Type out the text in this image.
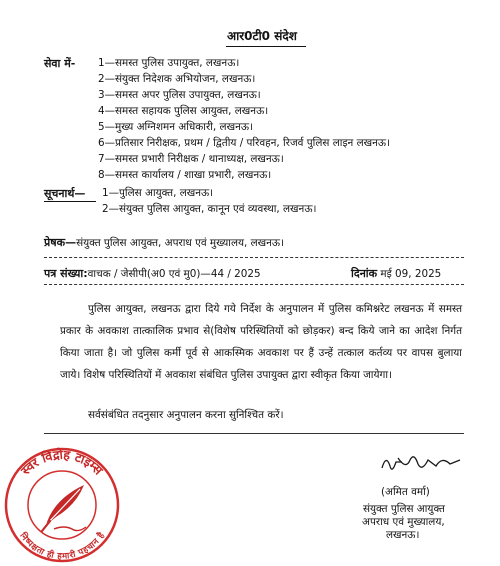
आर0टी0 संदेश
सेवा में- 1—समस्त पुलिस उपायुक्त, लखनऊ।
2—संयुक्त निदेशक अभियोजन, लखनऊ।
3—समस्त अपर पुलिस उपायुक्त, लखनऊ।
4—समस्त सहायक पुलिस आयुक्त, लखनऊ।
5—मुख्य अग्निशमन अधिकारी, लखनऊ।
6—प्रतिसार निरीक्षक, प्रथम / द्वितीय / परिवहन, रिजर्व पुलिस लाइन लखनऊ।
7—समस्त प्रभारी निरीक्षक / थानाध्यक्ष, लखनऊ।
8—समस्त कार्यालय / शाखा प्रभारी, लखनऊ।
सूचनार्थ— 1—पुलिस आयुक्त, लखनऊ।
2—संयुक्त पुलिस आयुक्त, कानून एवं व्यवस्था, लखनऊ।
प्रेषक—संयुक्त पुलिस आयुक्त, अपराध एवं मुख्यालय, लखनऊ।
पत्र संख्या:वाचक / जेसीपी(अ0 एवं मु0)—44 / 2025	दिनांक मई 09, 2025

पुलिस आयुक्त, लखनऊ द्वारा दिये गये निर्देश के अनुपालन में पुलिस कमिश्नरेट लखनऊ में समस्त प्रकार के अवकाश तात्कालिक प्रभाव से(विशेष परिस्थितियों को छोड़कर) बन्द किये जाने का आदेश निर्गत किया जाता है। जो पुलिस कर्मी पूर्व से आकस्मिक अवकाश पर हैं उन्हें तत्काल कर्तव्य पर वापस बुलाया जाये। विशेष परिस्थितियों में अवकाश संबंधित पुलिस उपायुक्त द्वारा स्वीकृत किया जायेगा।

सर्वसंबंधित तदनुसार अनुपालन करना सुनिश्चित करें।

(अमित वर्मा)
संयुक्त पुलिस आयुक्त
अपराध एवं मुख्यालय,
लखनऊ।
स्वर विद्रोह टाइम्स
निष्पक्षता ही हमारी पहचान है
